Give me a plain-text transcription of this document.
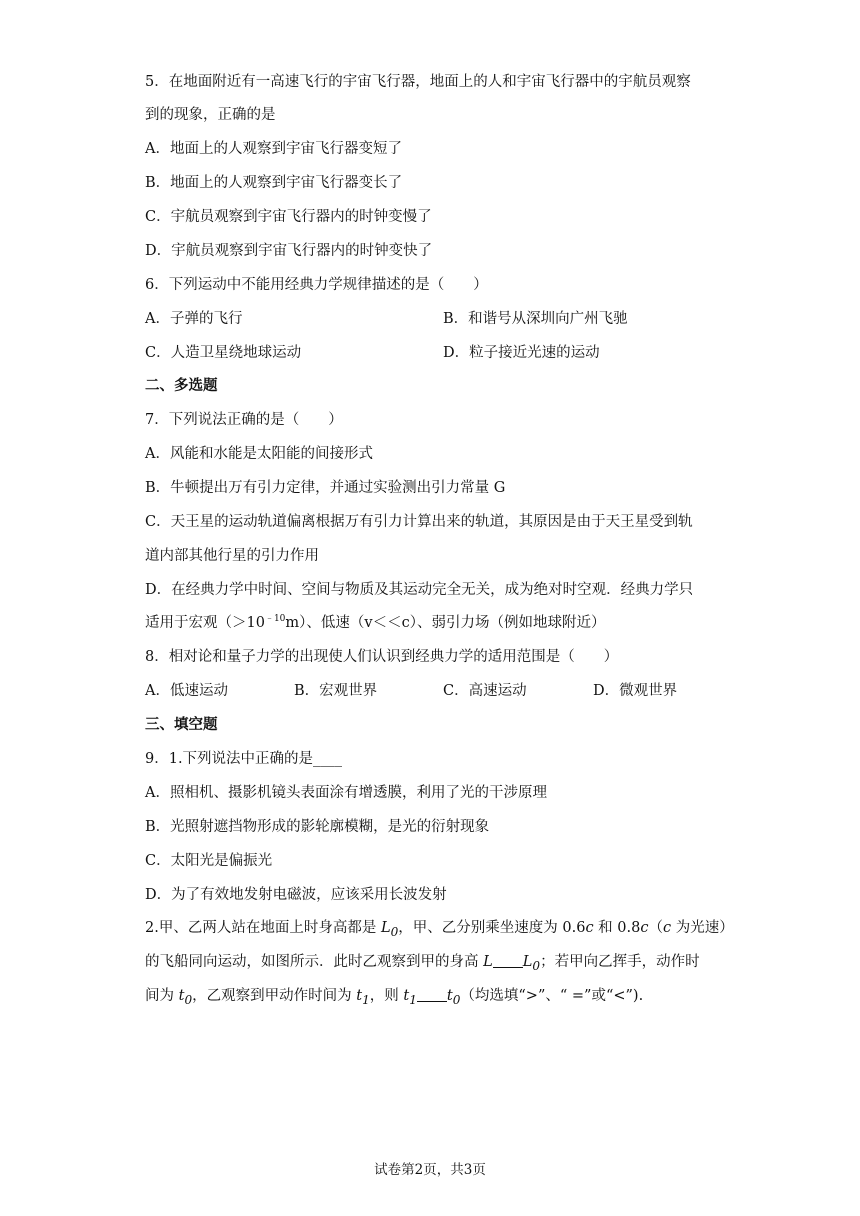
5．在地面附近有一高速飞行的宇宙飞行器，地面上的人和宇宙飞行器中的宇航员观察
到的现象，正确的是
A．地面上的人观察到宇宙飞行器变短了
B．地面上的人观察到宇宙飞行器变长了
C．宇航员观察到宇宙飞行器内的时钟变慢了
D．宇航员观察到宇宙飞行器内的时钟变快了
6．下列运动中不能用经典力学规律描述的是（　　）
A．子弹的飞行	B．和谐号从深圳向广州飞驰
C．人造卫星绕地球运动	D．粒子接近光速的运动
二、多选题
7．下列说法正确的是（　　）
A．风能和水能是太阳能的间接形式
B．牛顿提出万有引力定律，并通过实验测出引力常量 G
C．天王星的运动轨道偏离根据万有引力计算出来的轨道，其原因是由于天王星受到轨
道内部其他行星的引力作用
D．在经典力学中时间、空间与物质及其运动完全无关，成为绝对时空观．经典力学只
适用于宏观$(>10^{﹣10}m)$、低速（v＜＜c）、弱引力场（例如地球附近）
8．相对论和量子力学的出现使人们认识到经典力学的适用范围是（　　）
A．低速运动	B．宏观世界	C．高速运动	D．微观世界
三、填空题
9．1.下列说法中正确的是____
A．照相机、摄影机镜头表面涂有增透膜，利用了光的干涉原理
B．光照射遮挡物形成的影轮廓模糊，是光的衍射现象
C．太阳光是偏振光
D．为了有效地发射电磁波，应该采用长波发射
2.甲、乙两人站在地面上时身高都是 $L_0$，甲、乙分别乘坐速度为 0.6c 和 0.8c（c 为光速）
的飞船同向运动，如图所示．此时乙观察到甲的身高 L $L_0$；若甲向乙挥手，动作时
间为 $t_0$，乙观察到甲动作时间为 $t_1$，则 $t_1$ $t_0$（均选填“>”、“ =”或“<”).
试卷第2页，共3页
